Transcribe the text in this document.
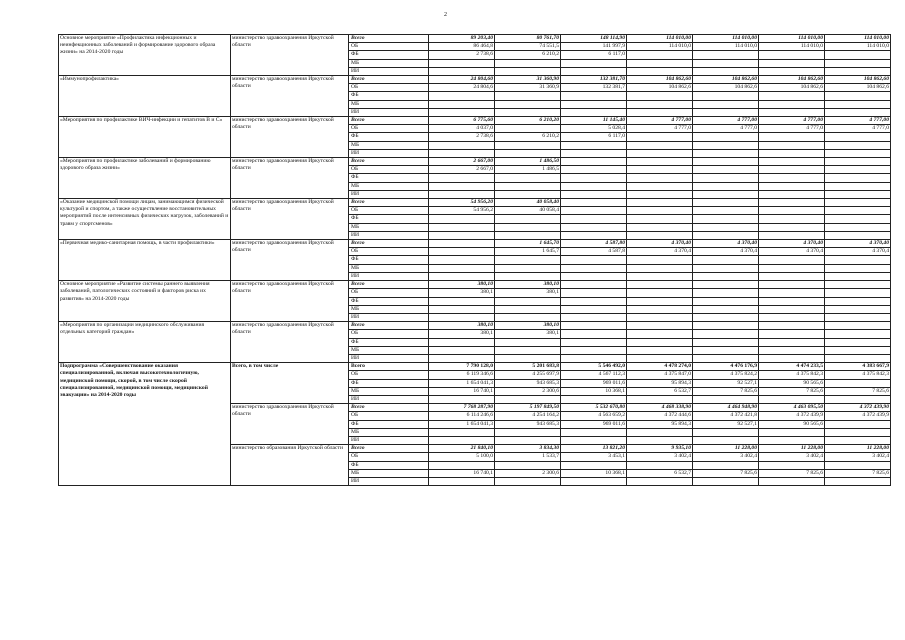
2
Основное мероприятие «Профилактика инфекционных и неинфекционных заболеваний и формирование здорового образа жизни» на 2014-2020 годы	министерство здравоохранения Иркутской области	Всего	89 203,40	80 761,70	148 114,90	114 010,00	114 010,00	114 010,00	114 010,00
		ОБ	86 464,8	74 551,5	141 997,9	114 010,0	114 010,0	114 010,0	114 010,0
		ФБ	2 738,6	6 210,2	6 117,0				
		МБ							
		ИИ							
«Иммунопрофилактика»	министерство здравоохранения Иркутской области	Всего	24 804,60	31 360,90	132 381,70	104 862,60	104 862,60	104 862,60	104 862,60
		ОБ	24 804,6	31 360,9	132 381,7	104 862,6	104 862,6	104 862,6	104 862,6
		ФБ							
		МБ							
		ИИ							
«Мероприятия по профилактике ВИЧ-инфекции и гепатитов В и С»	министерство здравоохранения Иркутской области	Всего	6 775,60	6 210,20	11 145,40	4 777,00	4 777,00	4 777,00	4 777,00
		ОБ	4 037,0		5 028,4	4 777,0	4 777,0	4 777,0	4 777,0
		ФБ	2 738,6	6 210,2	6 117,0				
		МБ							
		ИИ							
«Мероприятия по профилактике заболеваний и формированию здорового образа жизни»	министерство здравоохранения Иркутской области	Всего	2 667,00	1 486,50					
		ОБ	2 667,0	1 486,5					
		ФБ							
		МБ							
		ИИ							
«Оказание медицинской помощи лицам, занимающимся физической культурой и спортом, а также осуществление восстановительных мероприятий после интенсивных физических нагрузок, заболеваний и травм у спортсменов»	министерство здравоохранения Иркутской области	Всего	54 956,20	40 058,40					
		ОБ	54 956,2	40 058,4					
		ФБ							
		МБ							
		ИИ							
«Первичная медико-санитарная помощь, в части профилактики»	министерство здравоохранения Иркутской области	Всего		1 645,70	4 587,80	4 370,40	4 370,40	4 370,40	4 370,40
		ОБ		1 645,7	4 587,8	4 370,4	4 370,4	4 370,4	4 370,4
		ФБ							
		МБ							
		ИИ							
Основное мероприятие «Развитие системы раннего выявления заболеваний, патологических состояний и факторов риска их развития» на 2014-2020 годы	министерство здравоохранения Иркутской области	Всего	380,10	380,10					
		ОБ	380,1	380,1					
		ФБ							
		МБ							
		ИИ							
«Мероприятия по организации медицинского обслуживания отдельных категорий граждан»	министерство здравоохранения Иркутской области	Всего	380,10	380,10					
		ОБ	380,1	380,1					
		ФБ							
		МБ							
		ИИ							
Подпрограмма «Совершенствование оказания специализированной, включая высокотехнологичную, медицинской помощи, скорой, в том числе скорой специализированной, медицинской помощи, медицинской эвакуации» на 2014-2020 годы	Всего, в том числе	Всего	7 790 128,0	5 201 683,8	5 546 492,0	4 478 274,0	4 476 176,9	4 474 233,5	4 383 667,9
		ОБ	6 119 346,6	4 255 697,9	4 567 112,3	4 375 847,0	4 375 824,2	4 375 842,3	4 375 842,3
		ФБ	1 654 041,3	943 685,3	969 011,6	95 894,3	92 527,1	90 565,6	
		МБ	16 740,1	2 300,6	10 368,1	6 532,7	7 825,6	7 825,6	7 825,6
		ИИ							
	министерство здравоохранения Иркутской области	Всего	7 768 287,90	5 197 849,50	5 532 670,80	4 468 338,90	4 464 948,90	4 463 095,50	4 372 439,90
		ОБ	6 114 246,6	4 254 164,2	4 563 659,2	4 372 444,6	4 372 421,8	4 372 439,9	4 372 439,9
		ФБ	1 654 041,3	943 685,3	969 011,6	95 894,3	92 527,1	90 565,6	
		МБ							
		ИИ							
	министерство образования Иркутской области	Всего	21 840,10	3 834,30	13 821,20	9 935,10	11 228,00	11 228,00	11 228,00
		ОБ	5 100,0	1 533,7	3 453,1	3 402,4	3 402,4	3 402,4	3 402,4
		ФБ							
		МБ	16 740,1	2 300,6	10 368,1	6 532,7	7 825,6	7 825,6	7 825,6
		ИИ							
